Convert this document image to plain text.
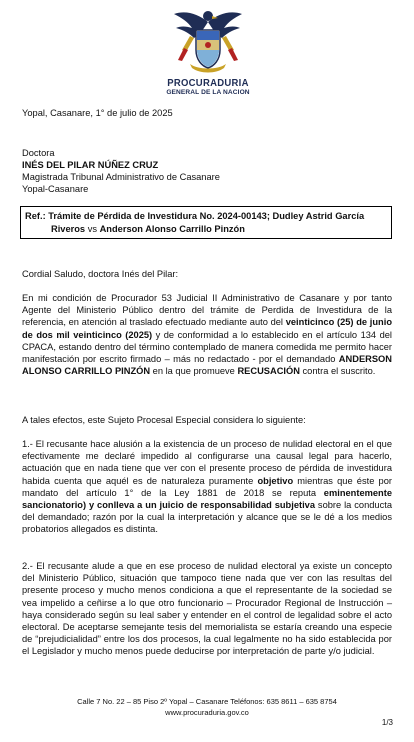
PROCURADURIA
GENERAL DE LA NACION
Yopal, Casanare, 1° de julio de 2025
Doctora
INÉS DEL PILAR NÚÑEZ CRUZ
Magistrada Tribunal Administrativo de Casanare
Yopal-Casanare
Ref.: Trámite de Pérdida de Investidura No. 2024-00143; Dudley Astrid García
Riveros vs Anderson Alonso Carrillo Pinzón
Cordial Saludo, doctora Inés del Pilar:
En mi condición de Procurador 53 Judicial II Administrativo de Casanare y por tanto Agente del Ministerio Público dentro del trámite de Perdida de Investidura de la referencia, en atención al traslado efectuado mediante auto del veinticinco (25) de junio de dos mil veinticinco (2025) y de conformidad a lo establecido en el artículo 134 del CPACA, estando dentro del término contemplado de manera comedida me permito hacer manifestación por escrito firmado – más no redactado - por el demandado ANDERSON ALONSO CARRILLO PINZÓN en la que promueve RECUSACIÓN contra el suscrito.
A tales efectos, este Sujeto Procesal Especial considera lo siguiente:
1.- El recusante hace alusión a la existencia de un proceso de nulidad electoral en el que efectivamente me declaré impedido al configurarse una causal legal para hacerlo, actuación que en nada tiene que ver con el presente proceso de pérdida de investidura habida cuenta que aquél es de naturaleza puramente objetivo mientras que éste por mandato del artículo 1° de la Ley 1881 de 2018 se reputa eminentemente sancionatorio) y conlleva a un juicio de responsabilidad subjetiva sobre la conducta del demandado; razón por la cual la interpretación y alcance que se le dé a los medios probatorios allegados es distinta.
2.- El recusante alude a que en ese proceso de nulidad electoral ya existe un concepto del Ministerio Público, situación que tampoco tiene nada que ver con las resultas del presente proceso y mucho menos condiciona a que el representante de la sociedad se vea impelido a ceñirse a lo que otro funcionario – Procurador Regional de Instrucción – haya considerado según su leal saber y entender en el control de legalidad sobre el acto electoral. De aceptarse semejante tesis del memorialista se estaría creando una especie de “prejudicialidad” entre los dos procesos, la cual legalmente no ha sido establecida por el Legislador y mucho menos puede deducirse por interpretación de parte y/o judicial.
Calle 7 No. 22 – 85 Piso 2º Yopal – Casanare Teléfonos: 635 8611 – 635 8754
www.procuraduria.gov.co
1/3
